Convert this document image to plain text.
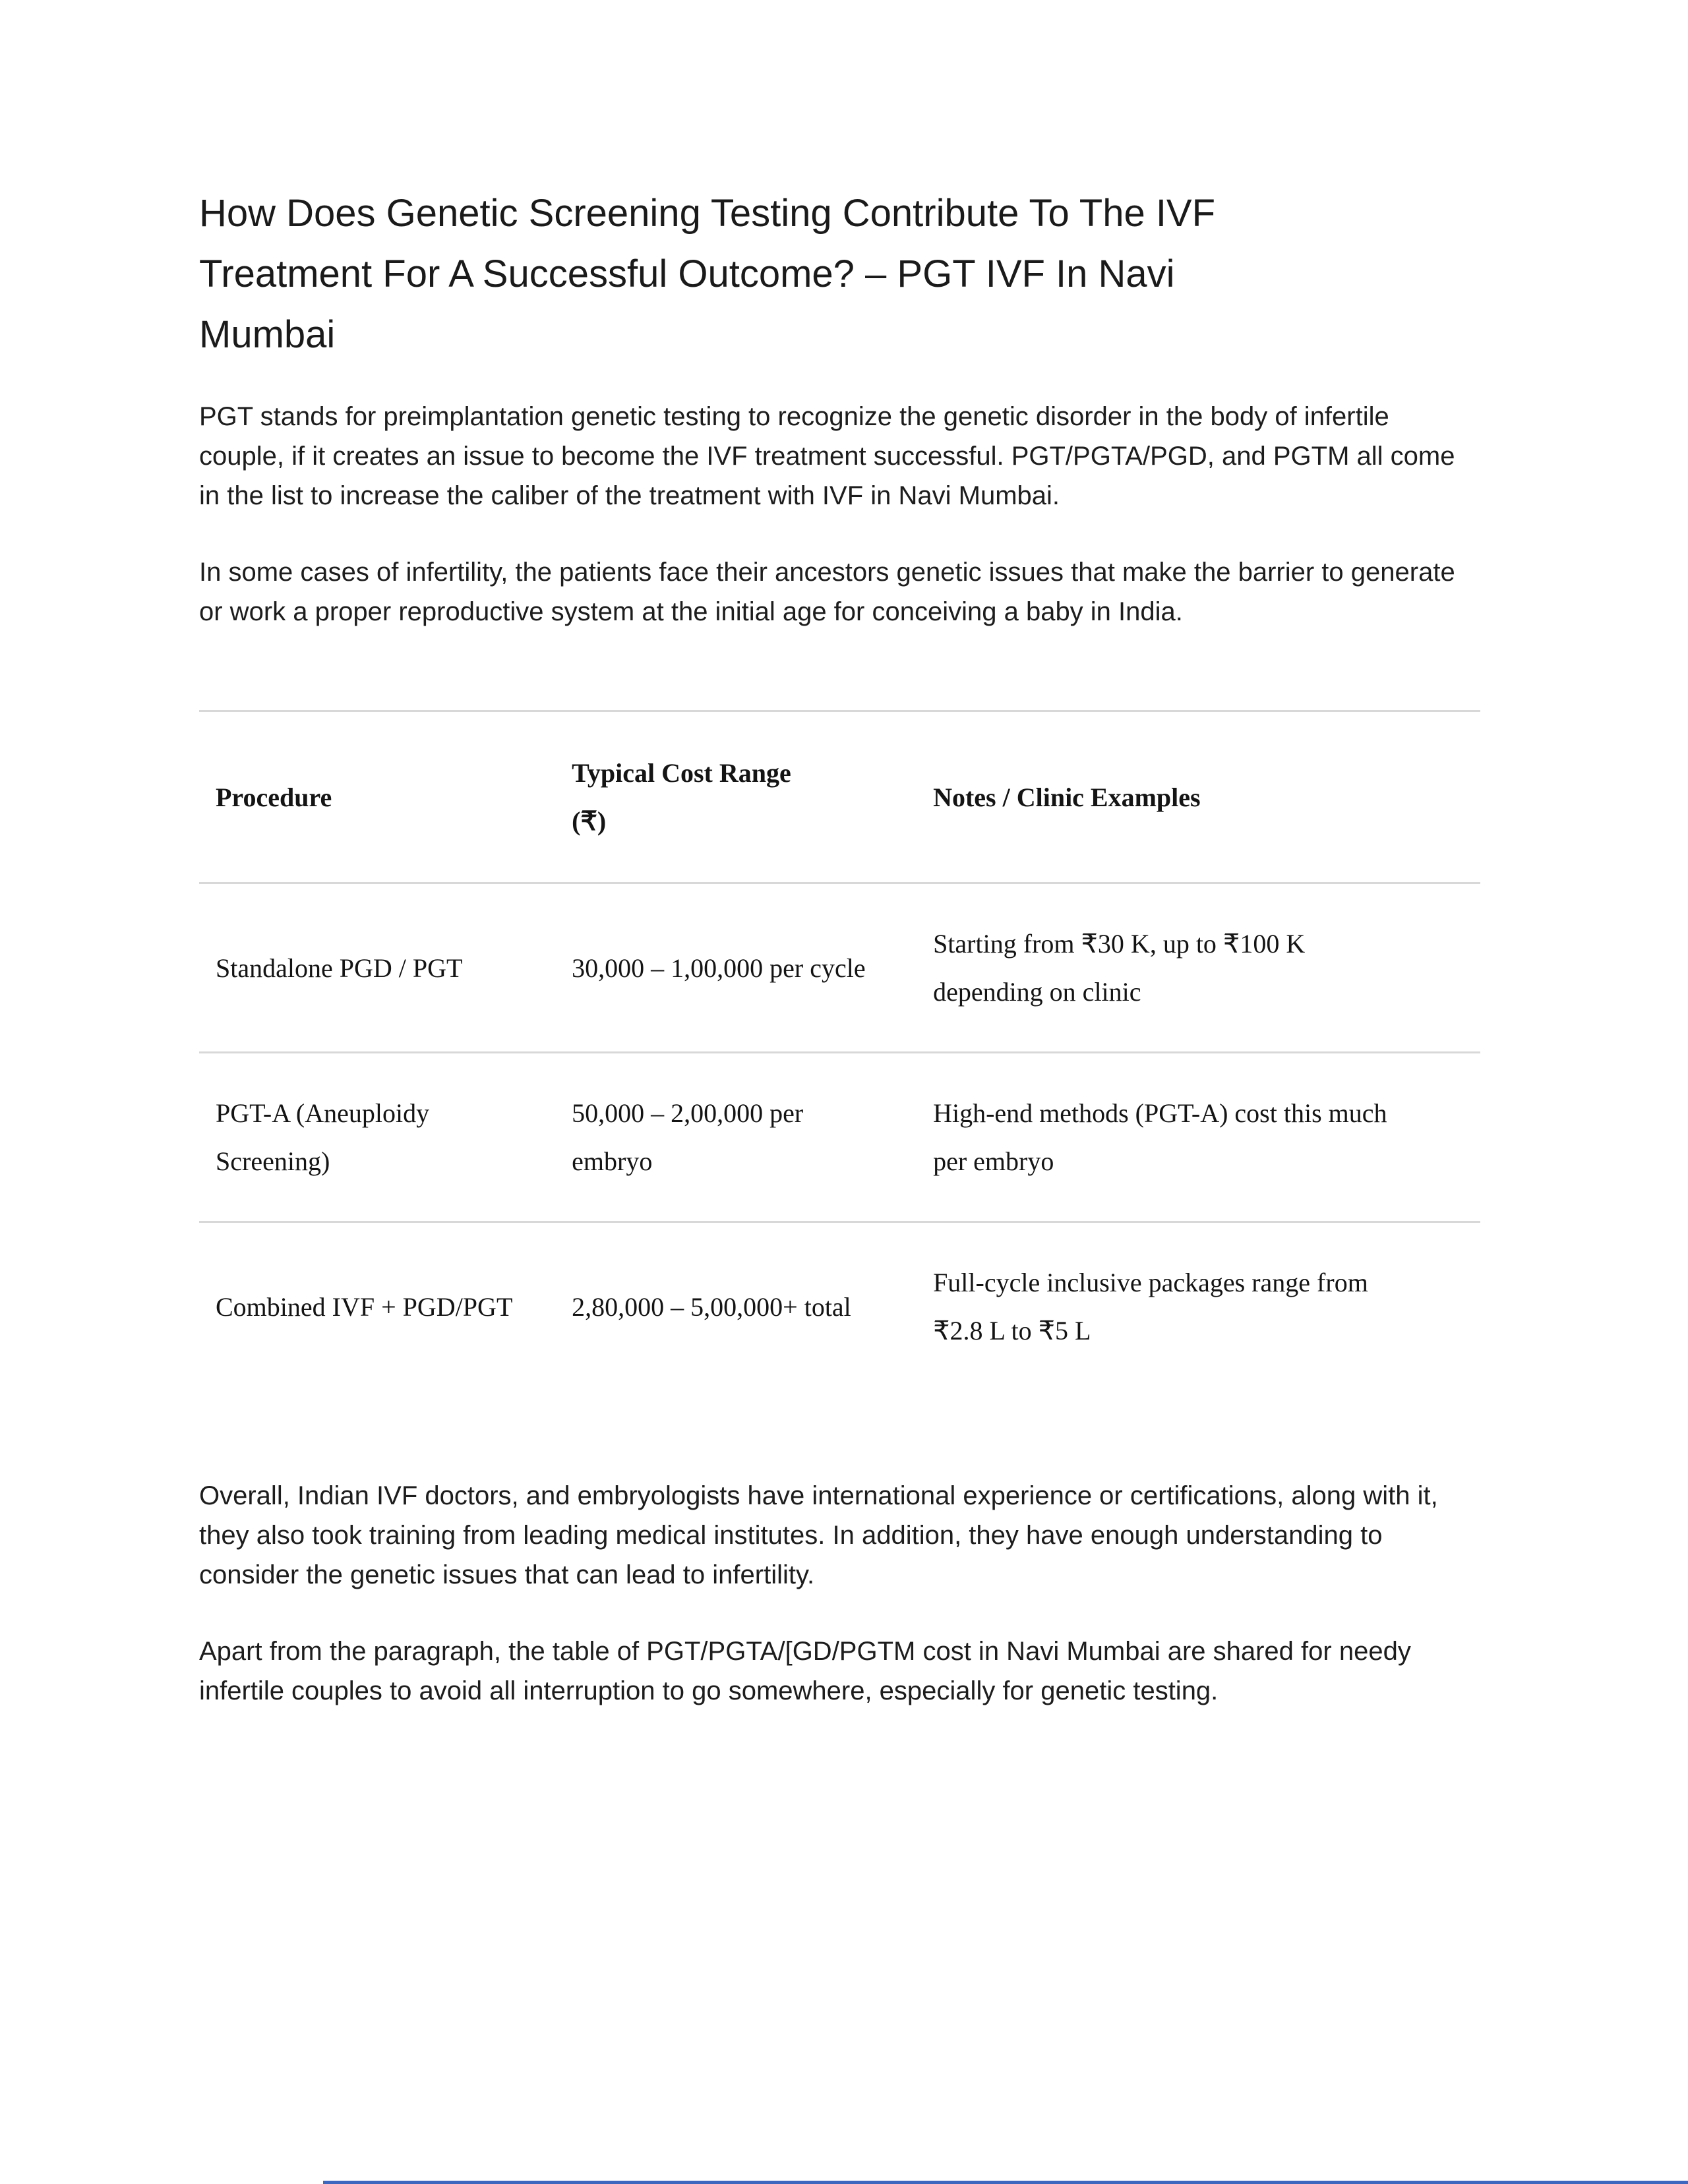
How Does Genetic Screening Testing Contribute To The IVF
Treatment For A Successful Outcome? – PGT IVF In Navi
Mumbai

PGT stands for preimplantation genetic testing to recognize the genetic disorder in the body of infertile couple, if it creates an issue to become the IVF treatment successful. PGT/PGTA/PGD, and PGTM all come in the list to increase the caliber of the treatment with IVF in Navi Mumbai.

In some cases of infertility, the patients face their ancestors genetic issues that make the barrier to generate or work a proper reproductive system at the initial age for conceiving a baby in India.

Procedure	Typical Cost Range (₹)	Notes / Clinic Examples
Standalone PGD / PGT	30,000 – 1,00,000 per cycle	Starting from ₹30 K, up to ₹100 K depending on clinic
PGT-A (Aneuploidy Screening)	50,000 – 2,00,000 per embryo	High-end methods (PGT-A) cost this much per embryo
Combined IVF + PGD/PGT	2,80,000 – 5,00,000+ total	Full-cycle inclusive packages range from ₹2.8 L to ₹5 L

Overall, Indian IVF doctors, and embryologists have international experience or certifications, along with it, they also took training from leading medical institutes. In addition, they have enough understanding to consider the genetic issues that can lead to infertility.

Apart from the paragraph, the table of PGT/PGTA/[GD/PGTM cost in Navi Mumbai are shared for needy infertile couples to avoid all interruption to go somewhere, especially for genetic testing.
